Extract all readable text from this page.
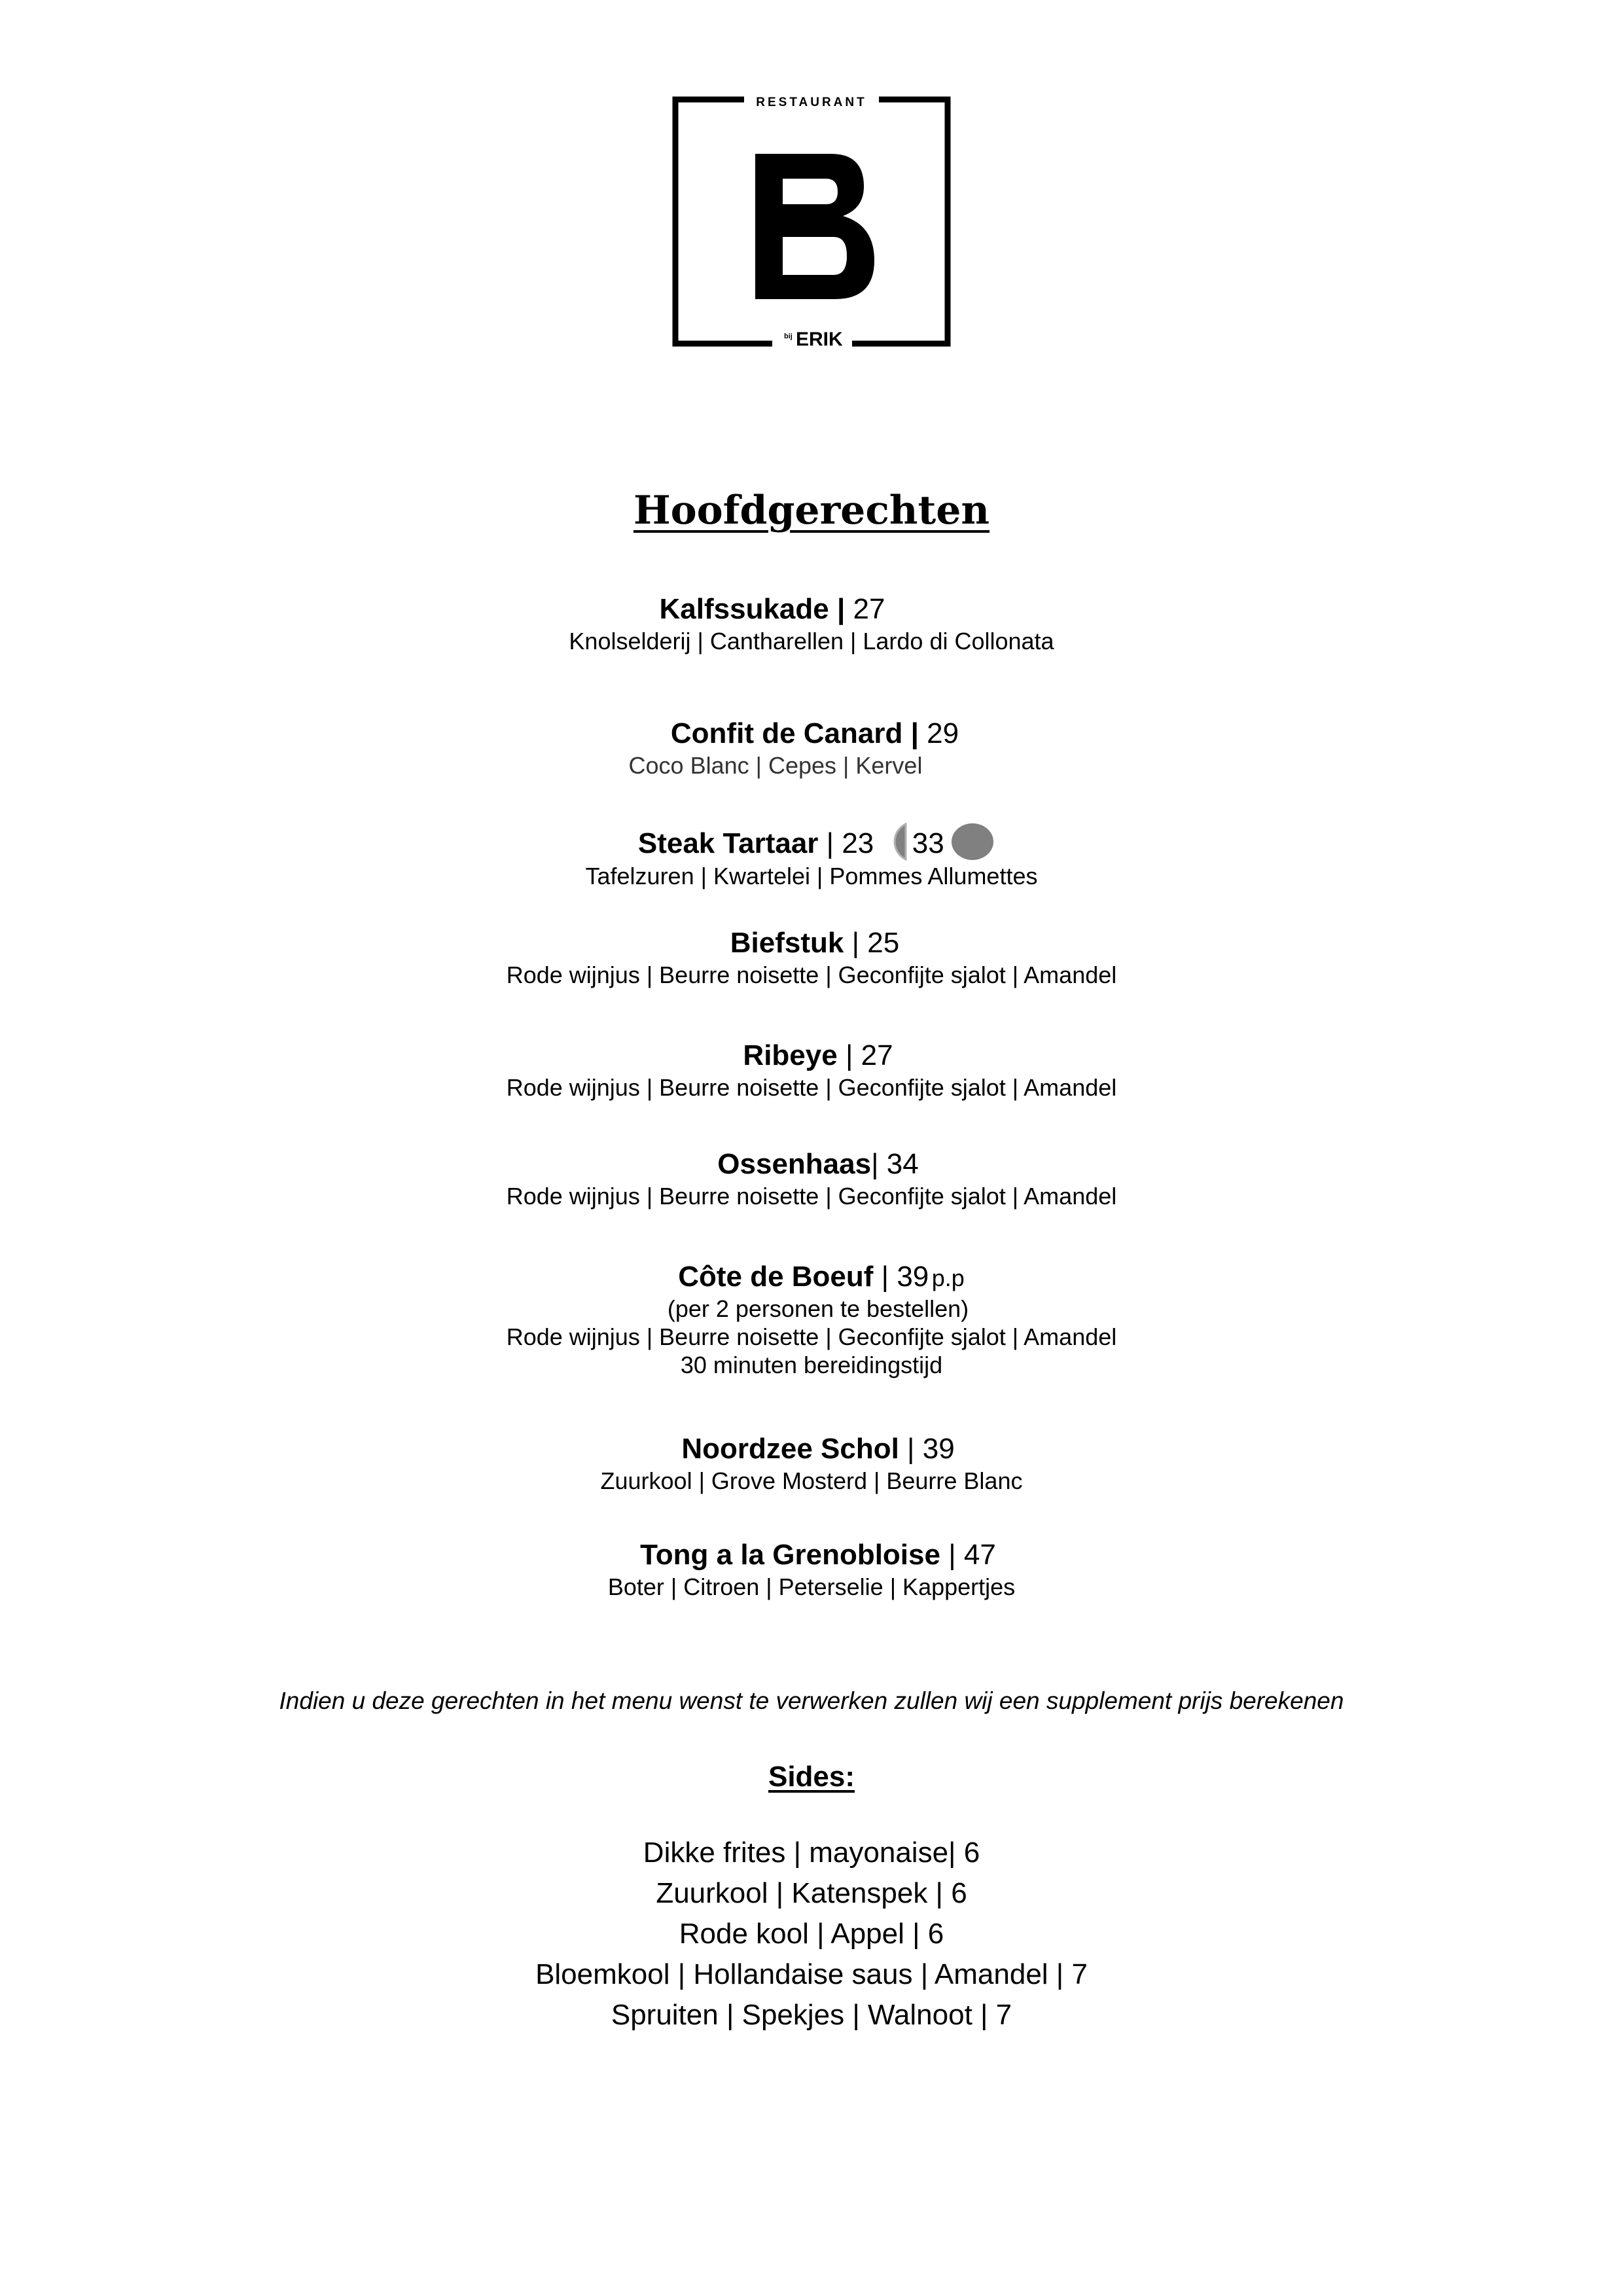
RESTAURANT
bij ERIK
Hoofdgerechten
Kalfssukade | 27
Knolselderij | Cantharellen | Lardo di Collonata
Confit de Canard | 29
Coco Blanc | Cepes | Kervel
Steak Tartaar | 23 33
Tafelzuren | Kwartelei | Pommes Allumettes
Biefstuk | 25
Rode wijnjus | Beurre noisette | Geconfijte sjalot | Amandel
Ribeye | 27
Rode wijnjus | Beurre noisette | Geconfijte sjalot | Amandel
Ossenhaas| 34
Rode wijnjus | Beurre noisette | Geconfijte sjalot | Amandel
Côte de Boeuf | 39 p.p
(per 2 personen te bestellen)
Rode wijnjus | Beurre noisette | Geconfijte sjalot | Amandel
30 minuten bereidingstijd
Noordzee Schol | 39
Zuurkool | Grove Mosterd | Beurre Blanc
Tong a la Grenobloise | 47
Boter | Citroen | Peterselie | Kappertjes
Indien u deze gerechten in het menu wenst te verwerken zullen wij een supplement prijs berekenen
Sides:
Dikke frites | mayonaise| 6
Zuurkool | Katenspek | 6
Rode kool | Appel | 6
Bloemkool | Hollandaise saus | Amandel | 7
Spruiten | Spekjes | Walnoot | 7
